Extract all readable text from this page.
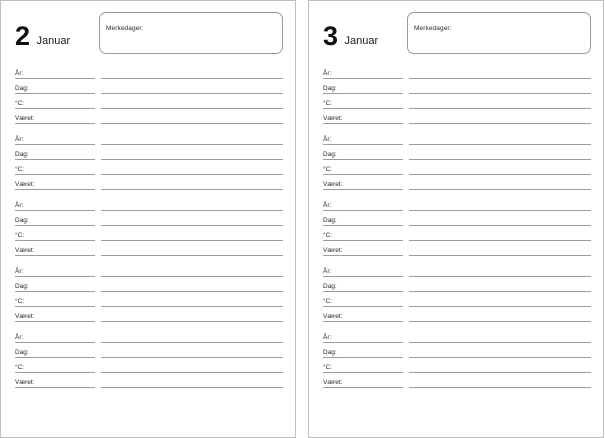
2 Januar
Merkedager:
År:
Dag:
°C:
Været:
År:
Dag:
°C:
Været:
År:
Dag:
°C:
Været:
År:
Dag:
°C:
Været:
År:
Dag:
°C:
Været:
3 Januar
Merkedager:
År:
Dag:
°C:
Været:
År:
Dag:
°C:
Været:
År:
Dag:
°C:
Været:
År:
Dag:
°C:
Været:
År:
Dag:
°C:
Været:
